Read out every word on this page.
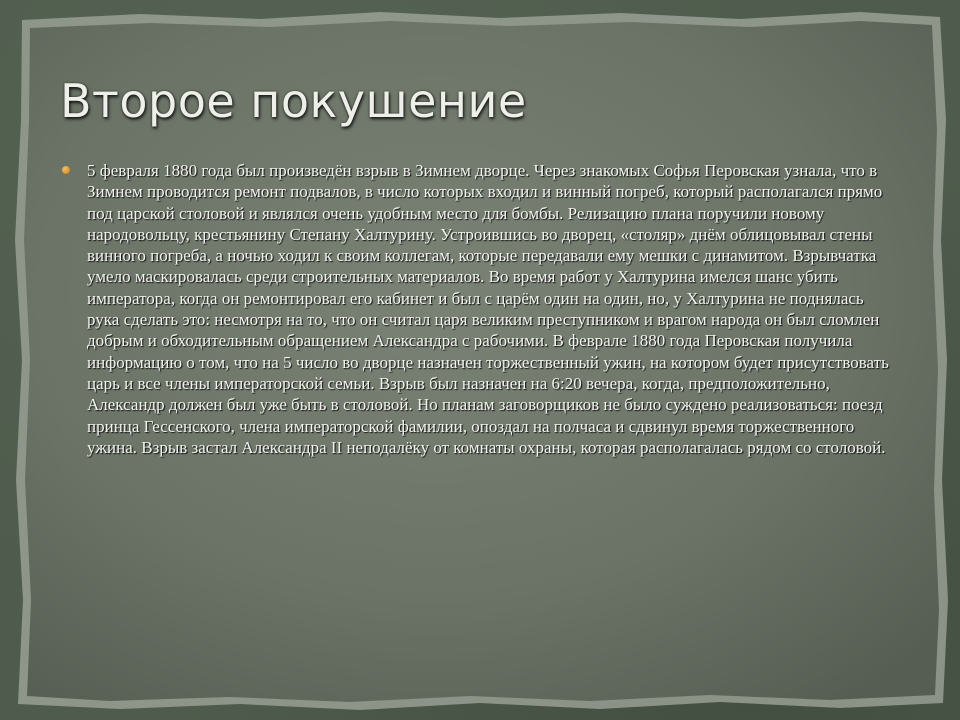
Второе покушение

5 февраля 1880 года был произведён взрыв в Зимнем дворце. Через знакомых Софья Перовская узнала, что в Зимнем проводится ремонт подвалов, в число которых входил и винный погреб, который располагался прямо под царской столовой и являлся очень удобным место для бомбы. Релизацию плана поручили новому народовольцу, крестьянину Степану Халтурину. Устроившись во дворец, «столяр» днём облицовывал стены винного погреба, а ночью ходил к своим коллегам, которые передавали ему мешки с динамитом. Взрывчатка умело маскировалась среди строительных материалов. Во время работ у Халтурина имелся шанс убить императора, когда он ремонтировал его кабинет и был с царём один на один, но, у Халтурина не поднялась рука сделать это: несмотря на то, что он считал царя великим преступником и врагом народа он был сломлен добрым и обходительным обращением Александра с рабочими. В феврале 1880 года Перовская получила информацию о том, что на 5 число во дворце назначен торжественный ужин, на котором будет присутствовать царь и все члены императорской семьи. Взрыв был назначен на 6:20 вечера, когда, предположительно, Александр должен был уже быть в столовой. Но планам заговорщиков не было суждено реализоваться: поезд принца Гессенского, члена императорской фамилии, опоздал на полчаса и сдвинул время торжественного ужина. Взрыв застал Александра II неподалёку от комнаты охраны, которая располагалась рядом со столовой.
